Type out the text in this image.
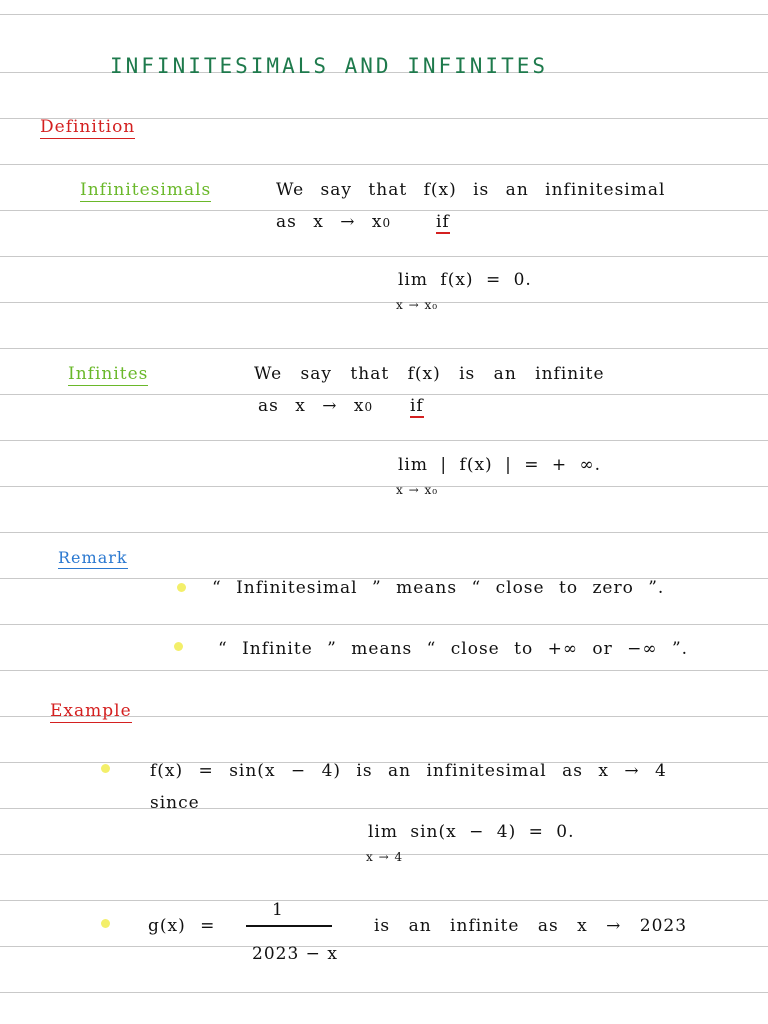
INFINITESIMALS AND INFINITES
Definition
Infinitesimals	We say that f(x) is an infinitesimal
as x → x0	if
lim f(x) = 0.
x → x₀
Infinites	We say that f(x) is an infinite
as x → x0 if
lim | f(x) | = + ∞.
x → x₀
Remark
“ Infinitesimal ” means “ close to zero ”.
“ Infinite ” means “ close to +∞ or −∞ ”.
Example
f(x) = sin(x − 4) is an infinitesimal as x → 4
since
lim sin(x − 4) = 0.
x → 4
g(x) =
1
2023 − x
is an infinite as x → 2023
